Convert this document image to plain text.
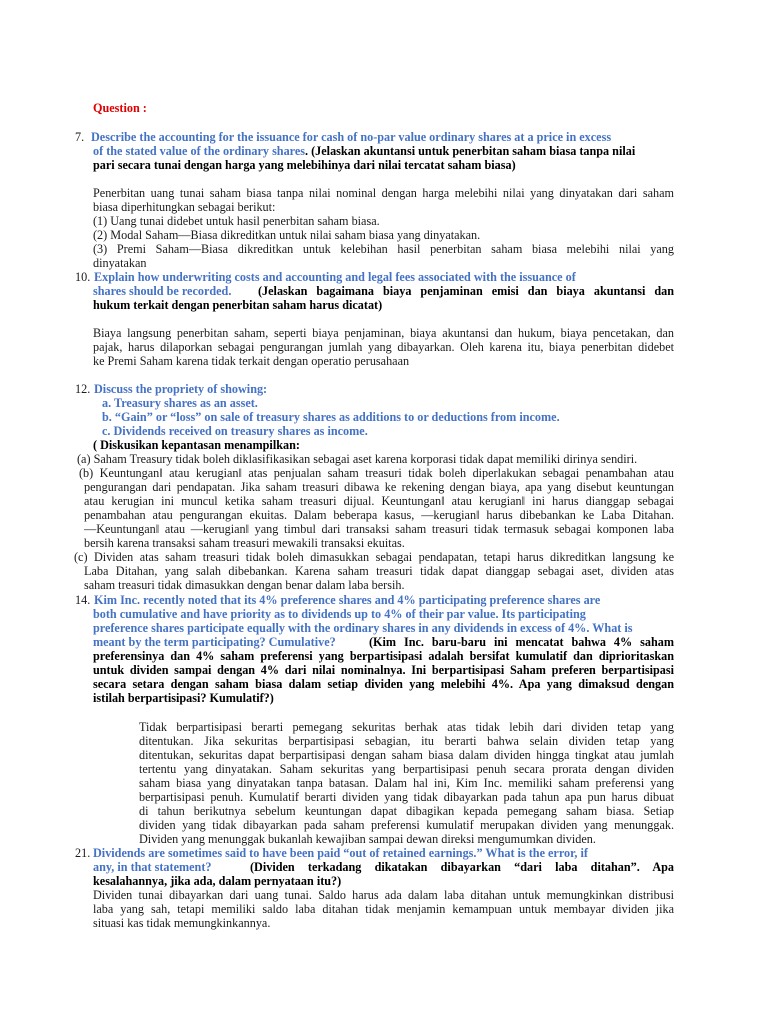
Question :
7. Describe the accounting for the issuance for cash of no-par value ordinary shares at a price in excess
of the stated value of the ordinary shares. (Jelaskan akuntansi untuk penerbitan saham biasa tanpa nilai
pari secara tunai dengan harga yang melebihinya dari nilai tercatat saham biasa)
Penerbitan uang tunai saham biasa tanpa nilai nominal dengan harga melebihi nilai yang dinyatakan dari saham
biasa diperhitungkan sebagai berikut:
(1) Uang tunai didebet untuk hasil penerbitan saham biasa.
(2) Modal Saham—Biasa dikreditkan untuk nilai saham biasa yang dinyatakan.
(3) Premi Saham—Biasa dikreditkan untuk kelebihan hasil penerbitan saham biasa melebihi nilai yang
dinyatakan
10. Explain how underwriting costs and accounting and legal fees associated with the issuance of
shares should be recorded. (Jelaskan bagaimana biaya penjaminan emisi dan biaya akuntansi dan
hukum terkait dengan penerbitan saham harus dicatat)
Biaya langsung penerbitan saham, seperti biaya penjaminan, biaya akuntansi dan hukum, biaya pencetakan, dan
pajak, harus dilaporkan sebagai pengurangan jumlah yang dibayarkan. Oleh karena itu, biaya penerbitan didebet
ke Premi Saham karena tidak terkait dengan operatio perusahaan
12. Discuss the propriety of showing:
a. Treasury shares as an asset.
b. “Gain” or “loss” on sale of treasury shares as additions to or deductions from income.
c. Dividends received on treasury shares as income.
( Diskusikan kepantasan menampilkan:
(a) Saham Treasury tidak boleh diklasifikasikan sebagai aset karena korporasi tidak dapat memiliki dirinya sendiri.
(b) Keuntungan‖ atau kerugian‖ atas penjualan saham treasuri tidak boleh diperlakukan sebagai penambahan atau
pengurangan dari pendapatan. Jika saham treasuri dibawa ke rekening dengan biaya, apa yang disebut keuntungan
atau kerugian ini muncul ketika saham treasuri dijual. Keuntungan‖ atau kerugian‖ ini harus dianggap sebagai
penambahan atau pengurangan ekuitas. Dalam beberapa kasus, —kerugian‖ harus dibebankan ke Laba Ditahan.
—Keuntungan‖ atau —kerugian‖ yang timbul dari transaksi saham treasuri tidak termasuk sebagai komponen laba
bersih karena transaksi saham treasuri mewakili transaksi ekuitas.
(c) Dividen atas saham treasuri tidak boleh dimasukkan sebagai pendapatan, tetapi harus dikreditkan langsung ke
Laba Ditahan, yang salah dibebankan. Karena saham treasuri tidak dapat dianggap sebagai aset, dividen atas
saham treasuri tidak dimasukkan dengan benar dalam laba bersih.
14. Kim Inc. recently noted that its 4% preference shares and 4% participating preference shares are
both cumulative and have priority as to dividends up to 4% of their par value. Its participating
preference shares participate equally with the ordinary shares in any dividends in excess of 4%. What is
meant by the term participating? Cumulative?	(Kim Inc. baru-baru ini mencatat bahwa 4% saham
preferensinya dan 4% saham preferensi yang berpartisipasi adalah bersifat kumulatif dan diprioritaskan
untuk dividen sampai dengan 4% dari nilai nominalnya. Ini berpartisipasi Saham preferen berpartisipasi
secara setara dengan saham biasa dalam setiap dividen yang melebihi 4%. Apa yang dimaksud dengan
istilah berpartisipasi? Kumulatif?)
Tidak berpartisipasi berarti pemegang sekuritas berhak atas tidak lebih dari dividen tetap yang
ditentukan. Jika sekuritas berpartisipasi sebagian, itu berarti bahwa selain dividen tetap yang
ditentukan, sekuritas dapat berpartisipasi dengan saham biasa dalam dividen hingga tingkat atau jumlah
tertentu yang dinyatakan. Saham sekuritas yang berpartisipasi penuh secara prorata dengan dividen
saham biasa yang dinyatakan tanpa batasan. Dalam hal ini, Kim Inc. memiliki saham preferensi yang
berpartisipasi penuh. Kumulatif berarti dividen yang tidak dibayarkan pada tahun apa pun harus dibuat
di tahun berikutnya sebelum keuntungan dapat dibagikan kepada pemegang saham biasa. Setiap
dividen yang tidak dibayarkan pada saham preferensi kumulatif merupakan dividen yang menunggak.
Dividen yang menunggak bukanlah kewajiban sampai dewan direksi mengumumkan dividen.
21. Dividends are sometimes said to have been paid “out of retained earnings.” What is the error, if
any, in that statement?	(Dividen terkadang dikatakan dibayarkan “dari laba ditahan”. Apa
kesalahannya, jika ada, dalam pernyataan itu?)
Dividen tunai dibayarkan dari uang tunai. Saldo harus ada dalam laba ditahan untuk memungkinkan distribusi
laba yang sah, tetapi memiliki saldo laba ditahan tidak menjamin kemampuan untuk membayar dividen jika
situasi kas tidak memungkinkannya.
